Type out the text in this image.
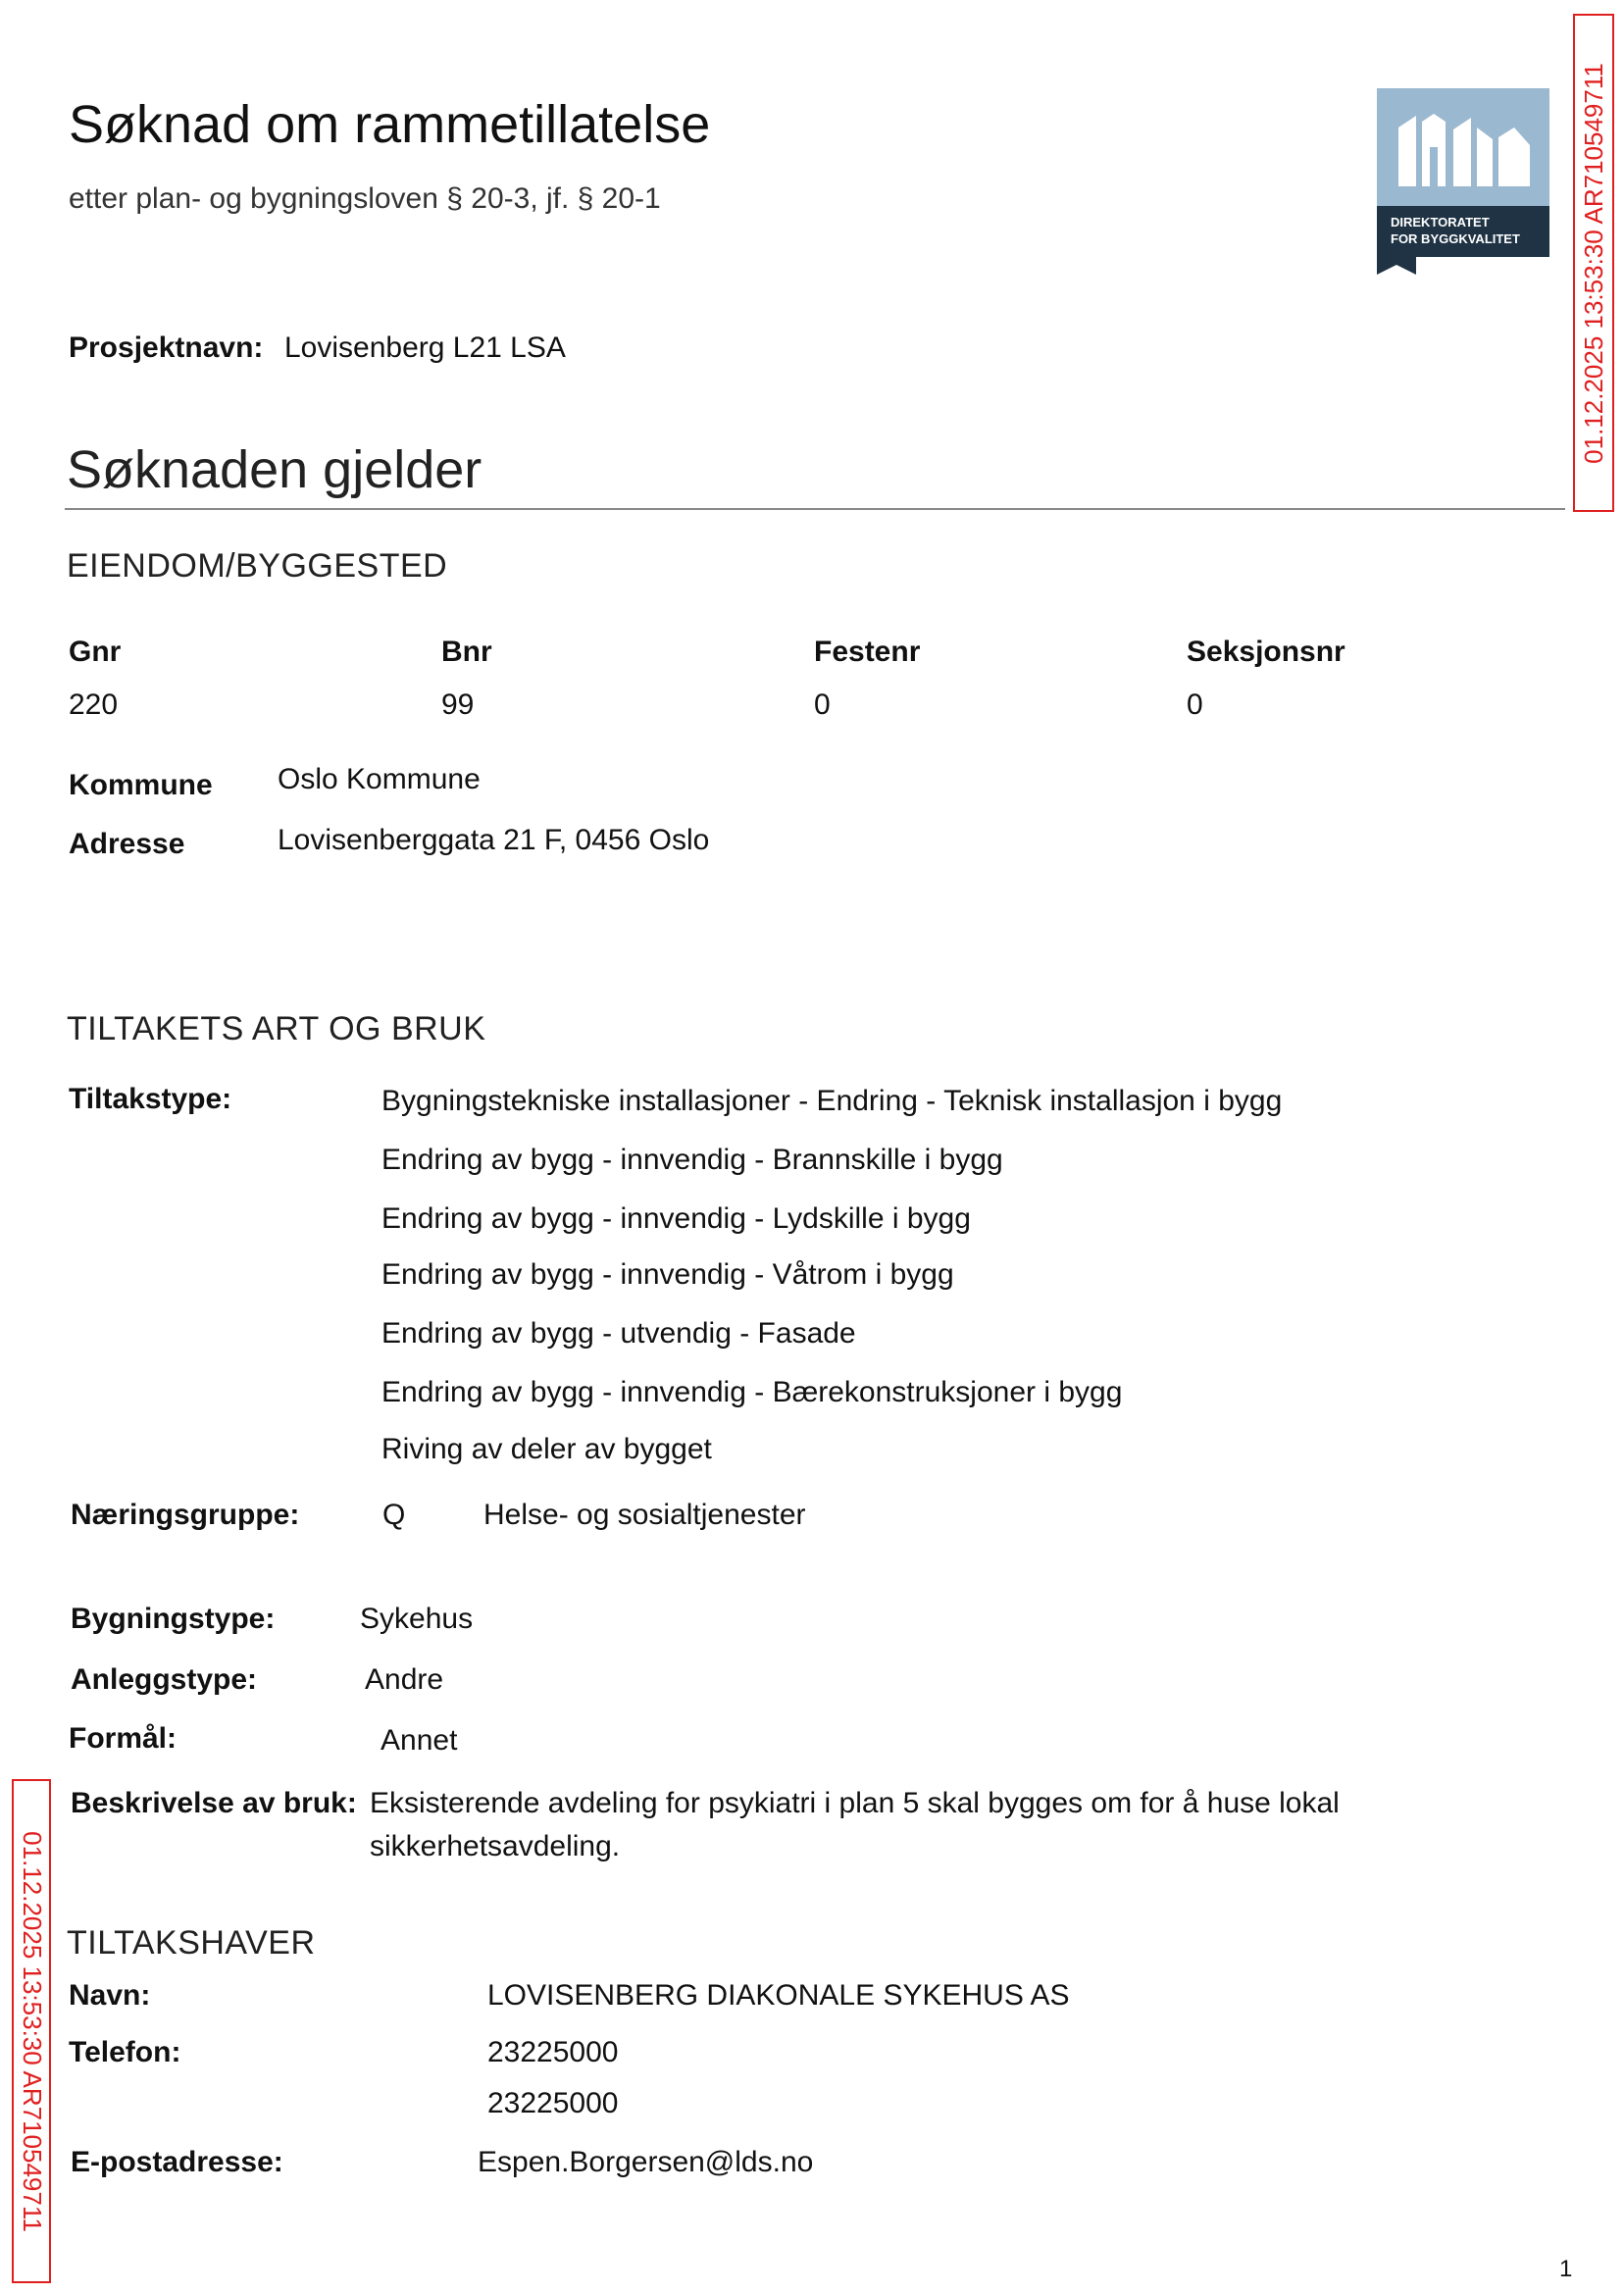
Søknad om rammetillatelse
etter plan- og bygningsloven § 20-3, jf. § 20-1
DIREKTORATET
FOR BYGGKVALITET
Prosjektnavn: Lovisenberg L21 LSA
Søknaden gjelder
EIENDOM/BYGGESTED
Gnr	Bnr	Festenr	Seksjonsnr
220	99	0	0
Kommune Oslo Kommune
Adresse	Lovisenberggata 21 F, 0456 Oslo
TILTAKETS ART OG BRUK
Tiltakstype:	Bygningstekniske installasjoner - Endring - Teknisk installasjon i bygg
Endring av bygg - innvendig - Brannskille i bygg
Endring av bygg - innvendig - Lydskille i bygg
Endring av bygg - innvendig - Våtrom i bygg
Endring av bygg - utvendig - Fasade
Endring av bygg - innvendig - Bærekonstruksjoner i bygg
Riving av deler av bygget
Næringsgruppe:	Q	Helse- og sosialtjenester
Bygningstype:	Sykehus
Anleggstype:	Andre
Formål:	Annet
Beskrivelse av bruk: Eksisterende avdeling for psykiatri i plan 5 skal bygges om for å huse lokal
sikkerhetsavdeling.
TILTAKSHAVER
Navn:	LOVISENBERG DIAKONALE SYKEHUS AS
Telefon:	23225000
23225000
E-postadresse:	Espen.Borgersen@lds.no
01.12.2025 13:53:30 AR710549711
01.12.2025 13:53:30 AR710549711
1
